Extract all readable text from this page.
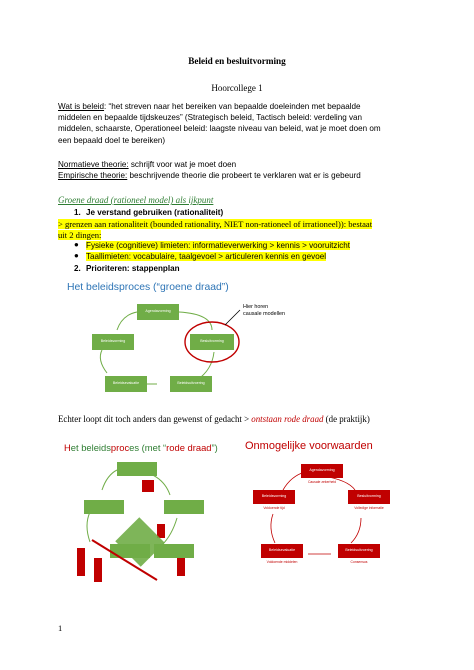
Beleid en besluitvorming
Hoorcollege 1
Wat is beleid: “het streven naar het bereiken van bepaalde doeleinden met bepaalde
middelen en bepaalde tijdskeuzes” (Strategisch beleid, Tactisch beleid: verdeling van
middelen, schaarste, Operationeel beleid: laagste niveau van beleid, wat je moet doen om
een bepaald doel te bereiken)
Normatieve theorie: schrijft voor wat je moet doen
Empirische theorie: beschrijvende theorie die probeert te verklaren wat er is gebeurd
Groene draad (rationeel model) als ijkpunt
1. Je verstand gebruiken (rationaliteit)
> grenzen aan rationaliteit (bounded rationality, NIET non-rationeel of irrationeel)): bestaat
uit 2 dingen:
● Fysieke (cognitieve) limieten: informatieverwerking > kennis > vooruitzicht
● Taallimieten: vocabulaire, taalgevoel > articuleren kennis en gevoel
2. Prioriteren: stappenplan
Het beleidsproces (“groene draad”)
Agendavorming
Besluitvorming
Beleidsuitvoering
Beleidsevaluatie
Beleidsvorming
Hier horen
causale modellen
Echter loopt dit toch anders dan gewenst of gedacht > ontstaan rode draad (de praktijk)
Het beleidsproces (met “rode draad”) Onmogelijke voorwaarden
Agendavorming
Beleidsvorming	Besluitvorming
Beleidsuitvoering
Beleidsevaluatie
Voldoende tijd	Volledige informatie
Consensus
Voldoende middelen
Causale zekerheid
1
